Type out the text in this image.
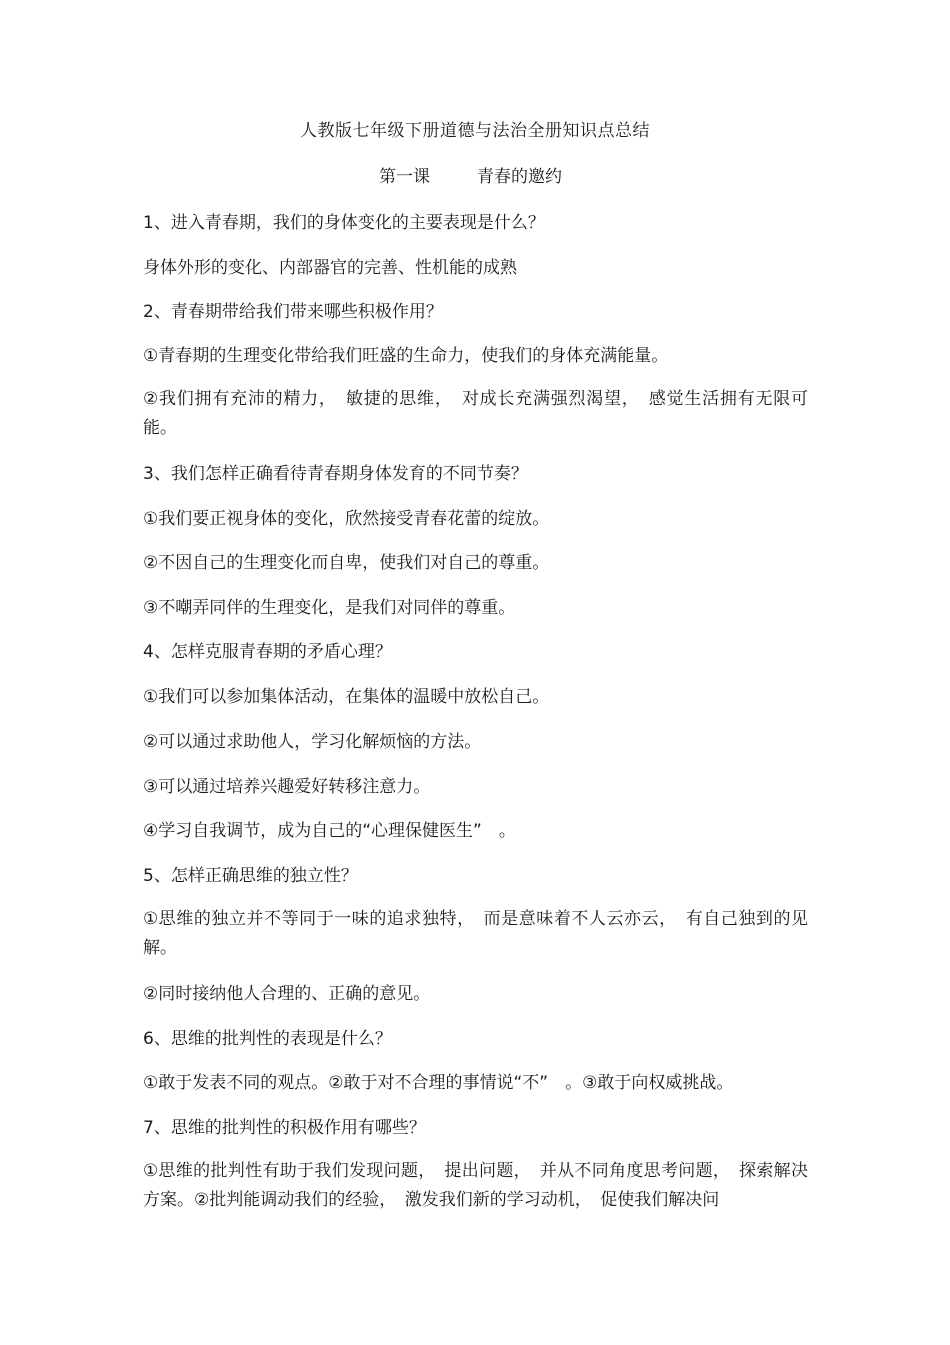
人教版七年级下册道德与法治全册知识点总结
第一课	青春的邀约
1、进入青春期，我们的身体变化的主要表现是什么？
身体外形的变化、内部器官的完善、性机能的成熟
2、青春期带给我们带来哪些积极作用？
①青春期的生理变化带给我们旺盛的生命力，使我们的身体充满能量。
②我们拥有充沛的精力，　敏捷的思维，　对成长充满强烈渴望，　感觉生活拥有无限可能。
3、我们怎样正确看待青春期身体发育的不同节奏？
①我们要正视身体的变化，欣然接受青春花蕾的绽放。
②不因自己的生理变化而自卑，使我们对自己的尊重。
③不嘲弄同伴的生理变化，是我们对同伴的尊重。
4、怎样克服青春期的矛盾心理？
①我们可以参加集体活动，在集体的温暖中放松自己。
②可以通过求助他人，学习化解烦恼的方法。
③可以通过培养兴趣爱好转移注意力。
④学习自我调节，成为自己的“心理保健医生”　。
5、怎样正确思维的独立性？
①思维的独立并不等同于一味的追求独特，　而是意味着不人云亦云，　有自己独到的见解。
②同时接纳他人合理的、正确的意见。
6、思维的批判性的表现是什么？
①敢于发表不同的观点。②敢于对不合理的事情说“不”　。③敢于向权威挑战。
7、思维的批判性的积极作用有哪些？
①思维的批判性有助于我们发现问题，　提出问题，　并从不同角度思考问题，　探索解决方案。②批判能调动我们的经验，　激发我们新的学习动机，　促使我们解决问
